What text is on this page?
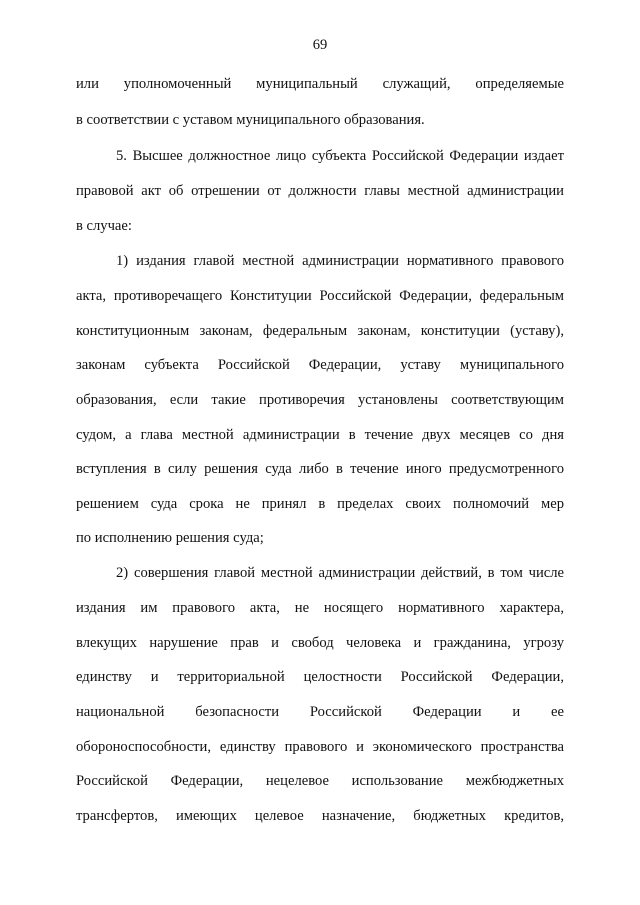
69
или уполномоченный муниципальный служащий, определяемые
в соответствии с уставом муниципального образования.
5. Высшее должностное лицо субъекта Российской Федерации издает
правовой акт об отрешении от должности главы местной администрации
в случае:
1) издания главой местной администрации нормативного правового
акта, противоречащего Конституции Российской Федерации, федеральным
конституционным законам, федеральным законам, конституции (уставу),
законам субъекта Российской Федерации, уставу муниципального
образования, если такие противоречия установлены соответствующим
судом, а глава местной администрации в течение двух месяцев со дня
вступления в силу решения суда либо в течение иного предусмотренного
решением суда срока не принял в пределах своих полномочий мер
по исполнению решения суда;
2) совершения главой местной администрации действий, в том числе
издания им правового акта, не носящего нормативного характера,
влекущих нарушение прав и свобод человека и гражданина, угрозу
единству и территориальной целостности Российской Федерации,
национальной безопасности Российской Федерации и ее
обороноспособности, единству правового и экономического пространства
Российской Федерации, нецелевое использование межбюджетных
трансфертов, имеющих целевое назначение, бюджетных кредитов,
